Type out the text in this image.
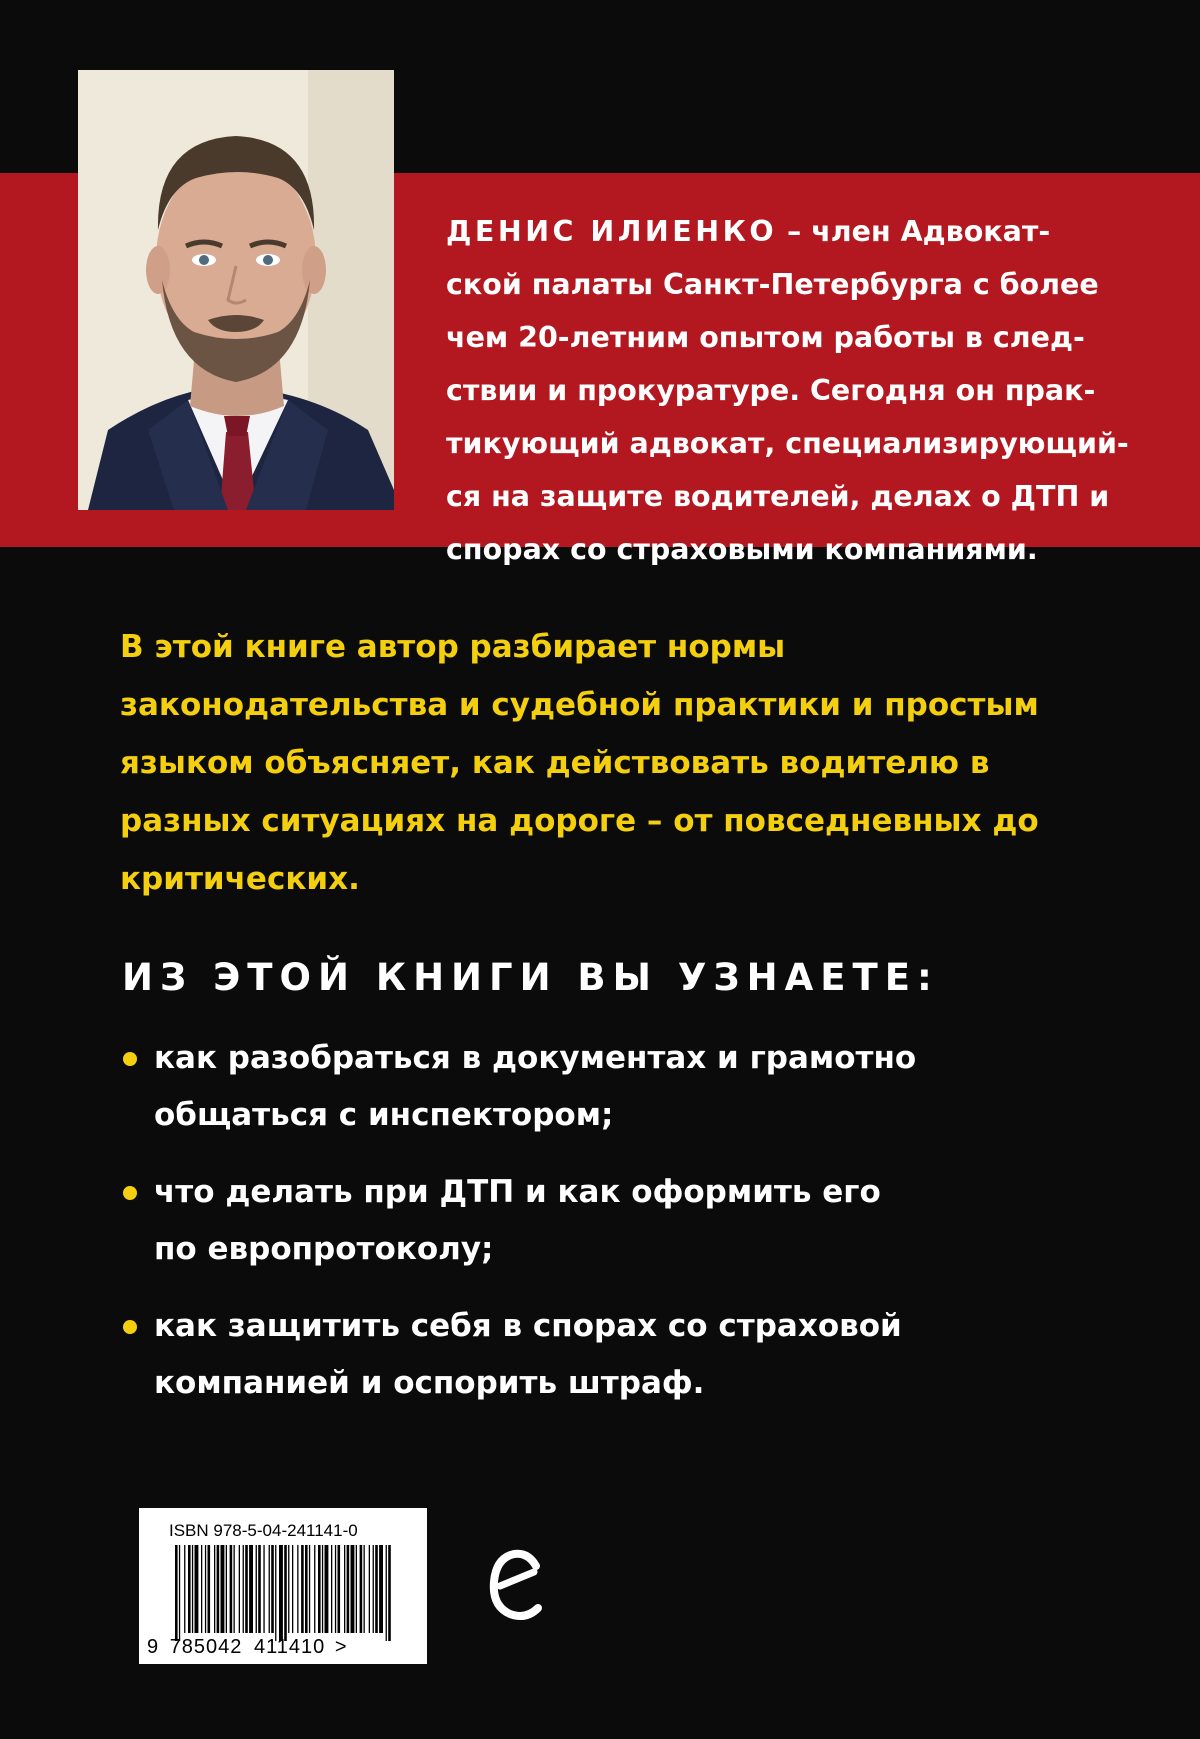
ДЕНИС ИЛИЕНКО – член Адвокат-
ской палаты Санкт-Петербурга с более
чем 20-летним опытом работы в след-
ствии и прокуратуре. Сегодня он прак-
тикующий адвокат, специализирующий-
ся на защите водителей, делах о ДТП и
спорах со страховыми компаниями.
В этой книге автор разбирает нормы
законодательства и судебной практики и простым
языком объясняет, как действовать водителю в
разных ситуациях на дороге – от повседневных до
критических.
ИЗ ЭТОЙ КНИГИ ВЫ УЗНАЕТЕ:
как разобраться в документах и грамотно
общаться с инспектором;
что делать при ДТП и как оформить его
по европротоколу;
как защитить себя в спорах со страховой
компанией и оспорить штраф.
ISBN 978-5-04-241141-0
9 785042 411410 >
